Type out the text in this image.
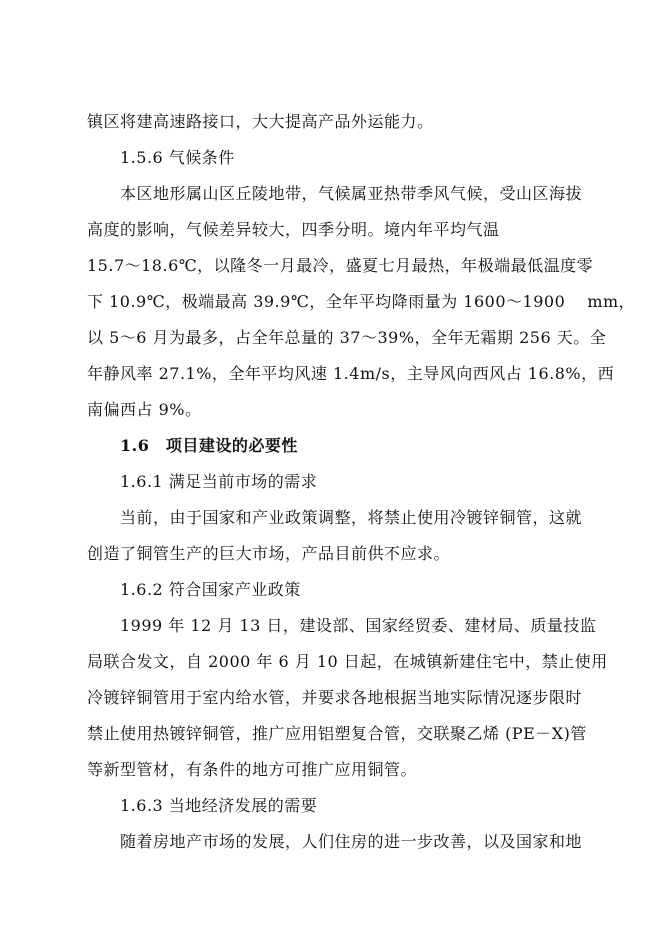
镇区将建高速路接口，大大提高产品外运能力。
1.5.6 气候条件
本区地形属山区丘陵地带，气候属亚热带季风气候，受山区海拔
高度的影响，气候差异较大，四季分明。境内年平均气温
15.7～18.6℃，以隆冬一月最冷，盛夏七月最热，年极端最低温度零
下 10.9℃，极端最高 39.9℃，全年平均降雨量为 1600～1900　 mm，
以 5～6 月为最多，占全年总量的 37～39%，全年无霜期 256 天。全
年静风率 27.1%，全年平均风速 1.4m/s，主导风向西风占 16.8%，西
南偏西占 9%。
1.6　项目建设的必要性
1.6.1 满足当前市场的需求
当前，由于国家和产业政策调整，将禁止使用冷镀锌铜管，这就
创造了铜管生产的巨大市场，产品目前供不应求。
1.6.2 符合国家产业政策
1999 年 12 月 13 日，建设部、国家经贸委、建材局、质量技监
局联合发文，自 2000 年 6 月 10 日起，在城镇新建住宅中，禁止使用
冷镀锌铜管用于室内给水管，并要求各地根据当地实际情况逐步限时
禁止使用热镀锌铜管，推广应用铝塑复合管，交联聚乙烯 (PE－X)管
等新型管材，有条件的地方可推广应用铜管。
1.6.3 当地经济发展的需要
随着房地产市场的发展，人们住房的进一步改善，以及国家和地
